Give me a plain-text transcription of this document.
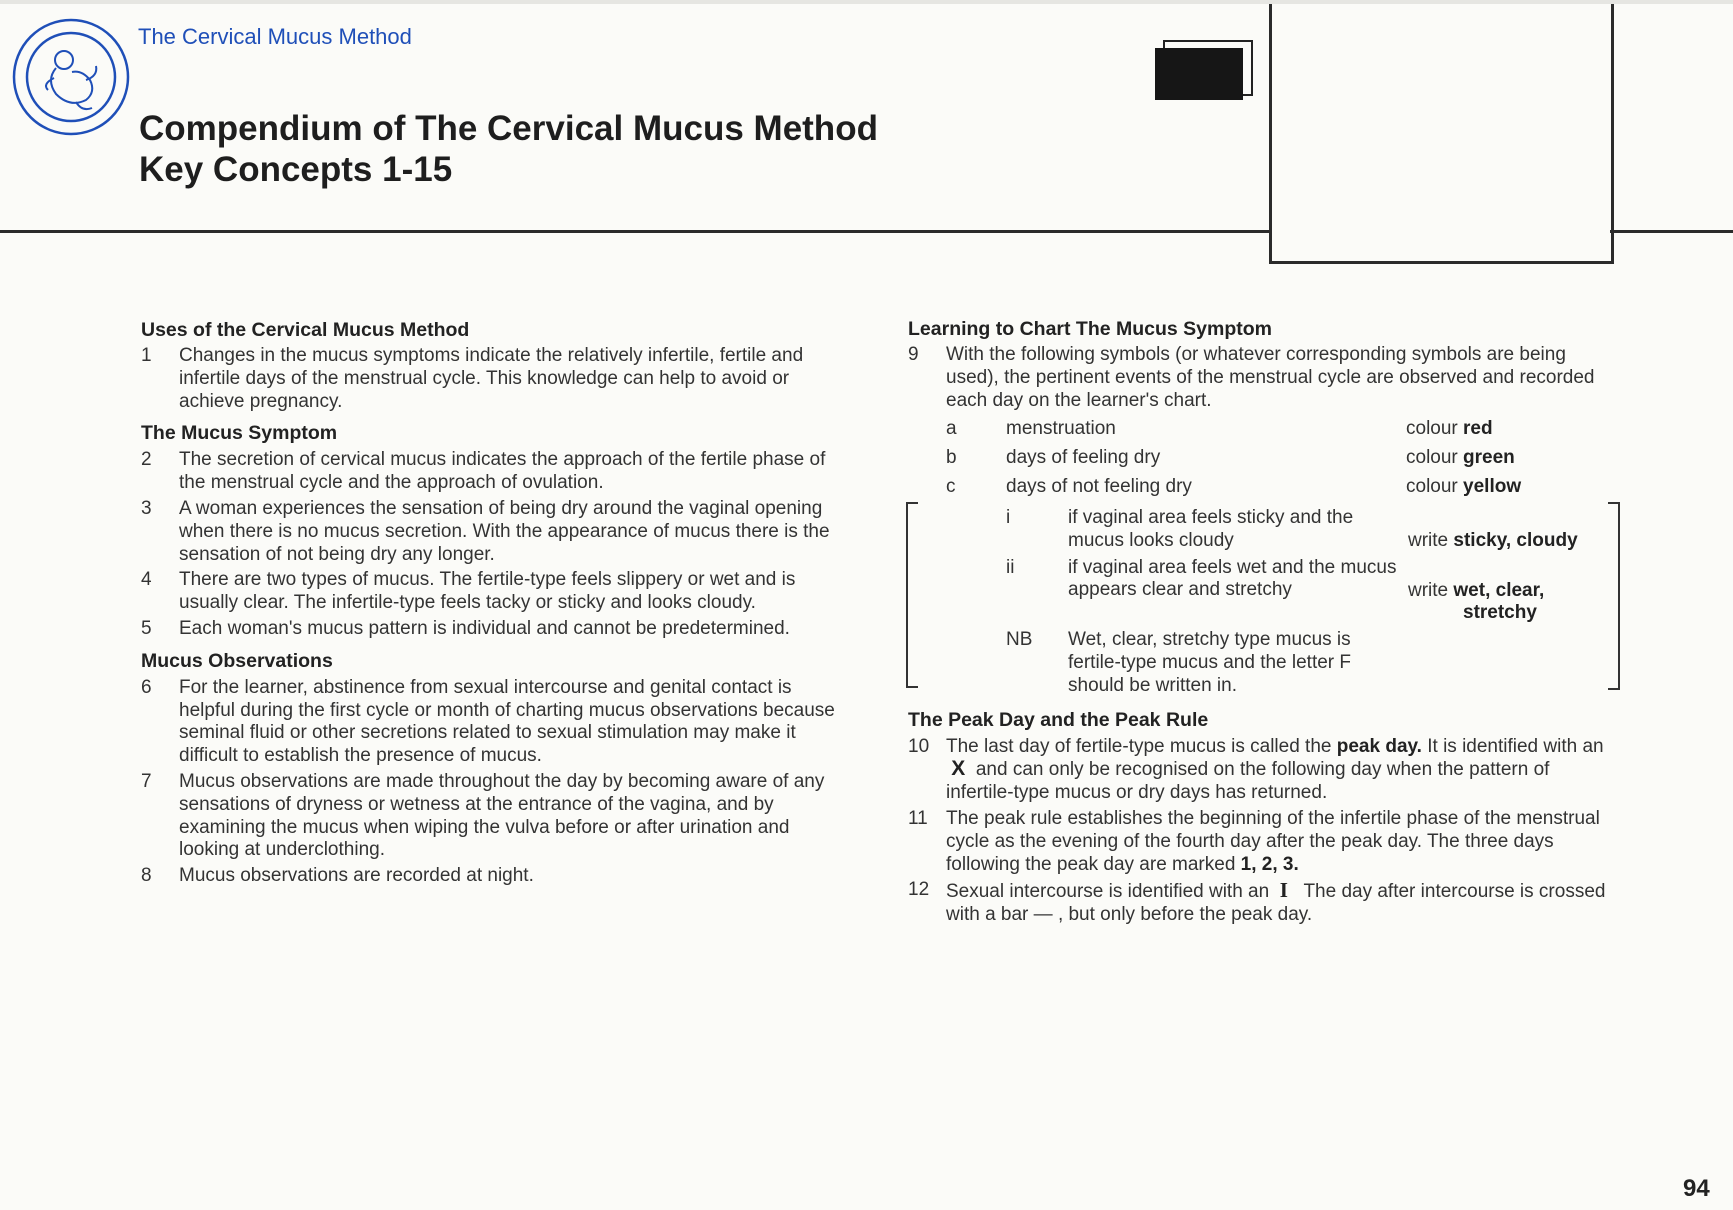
The Cervical Mucus Method
Compendium of The Cervical Mucus Method
Key Concepts 1-15
Uses of the Cervical Mucus Method
1	Changes in the mucus symptoms indicate the relatively infertile, fertile and infertile days of the menstrual cycle. This knowledge can help to avoid or achieve pregnancy.
The Mucus Symptom
2	The secretion of cervical mucus indicates the approach of the fertile phase of the menstrual cycle and the approach of ovulation.
3	A woman experiences the sensation of being dry around the vaginal opening when there is no mucus secretion. With the appearance of mucus there is the sensation of not being dry any longer.
4	There are two types of mucus. The fertile-type feels slippery or wet and is usually clear. The infertile-type feels tacky or sticky and looks cloudy.
5	Each woman's mucus pattern is individual and cannot be predetermined.
Mucus Observations
6	For the learner, abstinence from sexual intercourse and genital contact is helpful during the first cycle or month of charting mucus observations because seminal fluid or other secretions related to sexual stimulation may make it difficult to establish the presence of mucus.
7	Mucus observations are made throughout the day by becoming aware of any sensations of dryness or wetness at the entrance of the vagina, and by examining the mucus when wiping the vulva before or after urination and looking at underclothing.
8	Mucus observations are recorded at night.
Learning to Chart The Mucus Symptom
9	With the following symbols (or whatever corresponding symbols are being used), the pertinent events of the menstrual cycle are observed and recorded each day on the learner's chart.
a	menstruation	colour red
b	days of feeling dry	colour green
c	days of not feeling dry	colour yellow
i	if vaginal area feels sticky and the mucus looks cloudy	write sticky, cloudy
ii	if vaginal area feels wet and the mucus appears clear and stretchy	write wet, clear,
stretchy
NB	Wet, clear, stretchy type mucus is fertile-type mucus and the letter F should be written in.
The Peak Day and the Peak Rule
10 The last day of fertile-type mucus is called the peak day. It is identified with an  X and can only be recognised on the following day when the pattern of infertile-type mucus or dry days has returned.
11 The peak rule establishes the beginning of the infertile phase of the menstrual cycle as the evening of the fourth day after the peak day. The three days following the peak day are marked 1, 2, 3.
12 Sexual intercourse is identified with an I The day after intercourse is crossed with a bar — , but only before the peak day.
94
